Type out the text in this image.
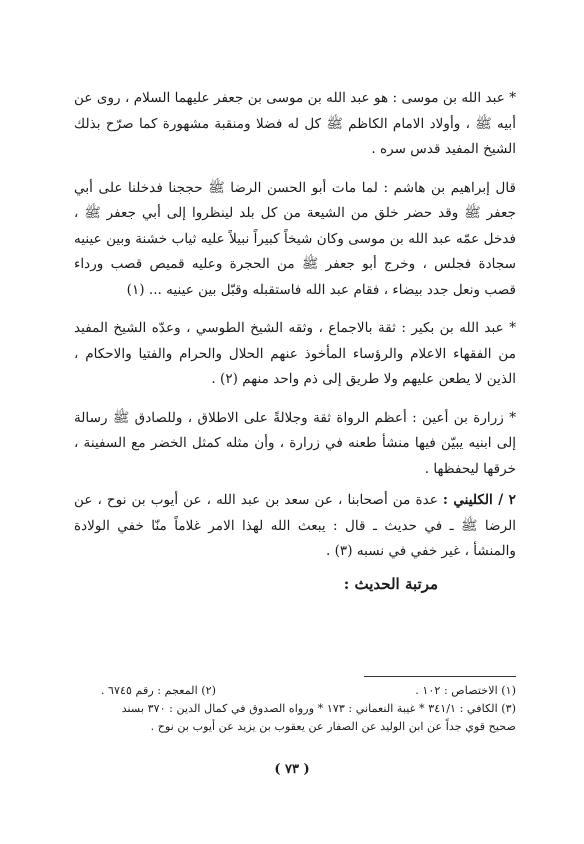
* عبد الله بن موسى : هو عبد الله بن موسى بن جعفر عليهما السلام ، روى عن أبيه ﷺ ، وأولاد الامام الكاظم ﷺ كل له فضلا ومنقبة مشهورة كما صرّح بذلك الشيخ المفيد قدس سره .

قال إبراهيم بن هاشم : لما مات أبو الحسن الرضا ﷺ حججنا فدخلنا على أبي جعفر ﷺ وقد حضر خلق من الشيعة من كل بلد لينظروا إلى أبي جعفر ﷺ ، فدخل عمّه عبد الله بن موسى وكان شيخاً كبيراً نبيلاً عليه ثياب خشنة وبين عينيه سجادة فجلس ، وخرج أبو جعفر ﷺ من الحجرة وعليه قميص قصب ورداء قصب ونعل جدد بيضاء ، فقام عبد الله فاستقبله وقبّل بين عينيه ... (١)

* عبد الله بن بكير : ثقة بالاجماع ، وثقه الشيخ الطوسي ، وعدّه الشيخ المفيد من الفقهاء الاعلام والرؤساء المأخوذ عنهم الحلال والحرام والفتيا والاحكام ، الذين لا يطعن عليهم ولا طريق إلى ذم واحد منهم (٢) .

* زرارة بن أعين : أعظم الرواة ثقة وجلالةً على الاطلاق ، وللصادق ﷺ رسالة إلى ابنيه يبيّن فيها منشأ طعنه في زرارة ، وأن مثله كمثل الخضر مع السفينة ، خرقها ليحفظها .

٢ / الكليني : عدة من أصحابنا ، عن سعد بن عبد الله ، عن أيوب بن نوح ، عن الرضا ﷺ ـ في حديث ـ قال : يبعث الله لهذا الامر غلاماً منّا خفي الولادة والمنشأ ، غير خفي في نسبه (٣) .

مرتبة الحديث :

(١) الاختصاص : ١٠٢ .
(٢) المعجم : رقم ٦٧٤٥ .

(٣) الكافي : ٣٤١/١ * غيبة النعماني : ١٧٣ * ورواه الصدوق في كمال الدين : ٣٧٠ بسند

صحيح قوي جداً عن ابن الوليد عن الصفار عن يعقوب بن يزيد عن أيوب بن نوح .

( ٧٣ )
